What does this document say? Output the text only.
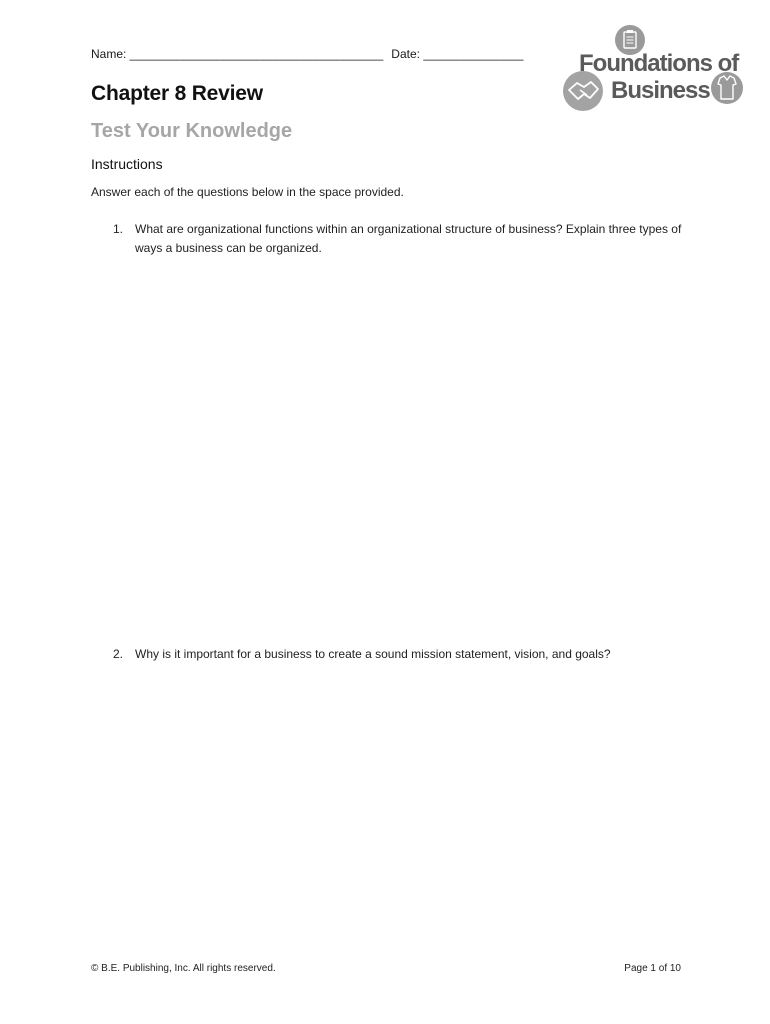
Name: ______________________________________ Date: _______________ Foundations of
Business
Chapter 8 Review
Test Your Knowledge
Instructions
Answer each of the questions below in the space provided.
1. What are organizational functions within an organizational structure of business? Explain three types of ways a business can be organized.
2. Why is it important for a business to create a sound mission statement, vision, and goals?
© B.E. Publishing, Inc. All rights reserved.	Page 1 of 10
